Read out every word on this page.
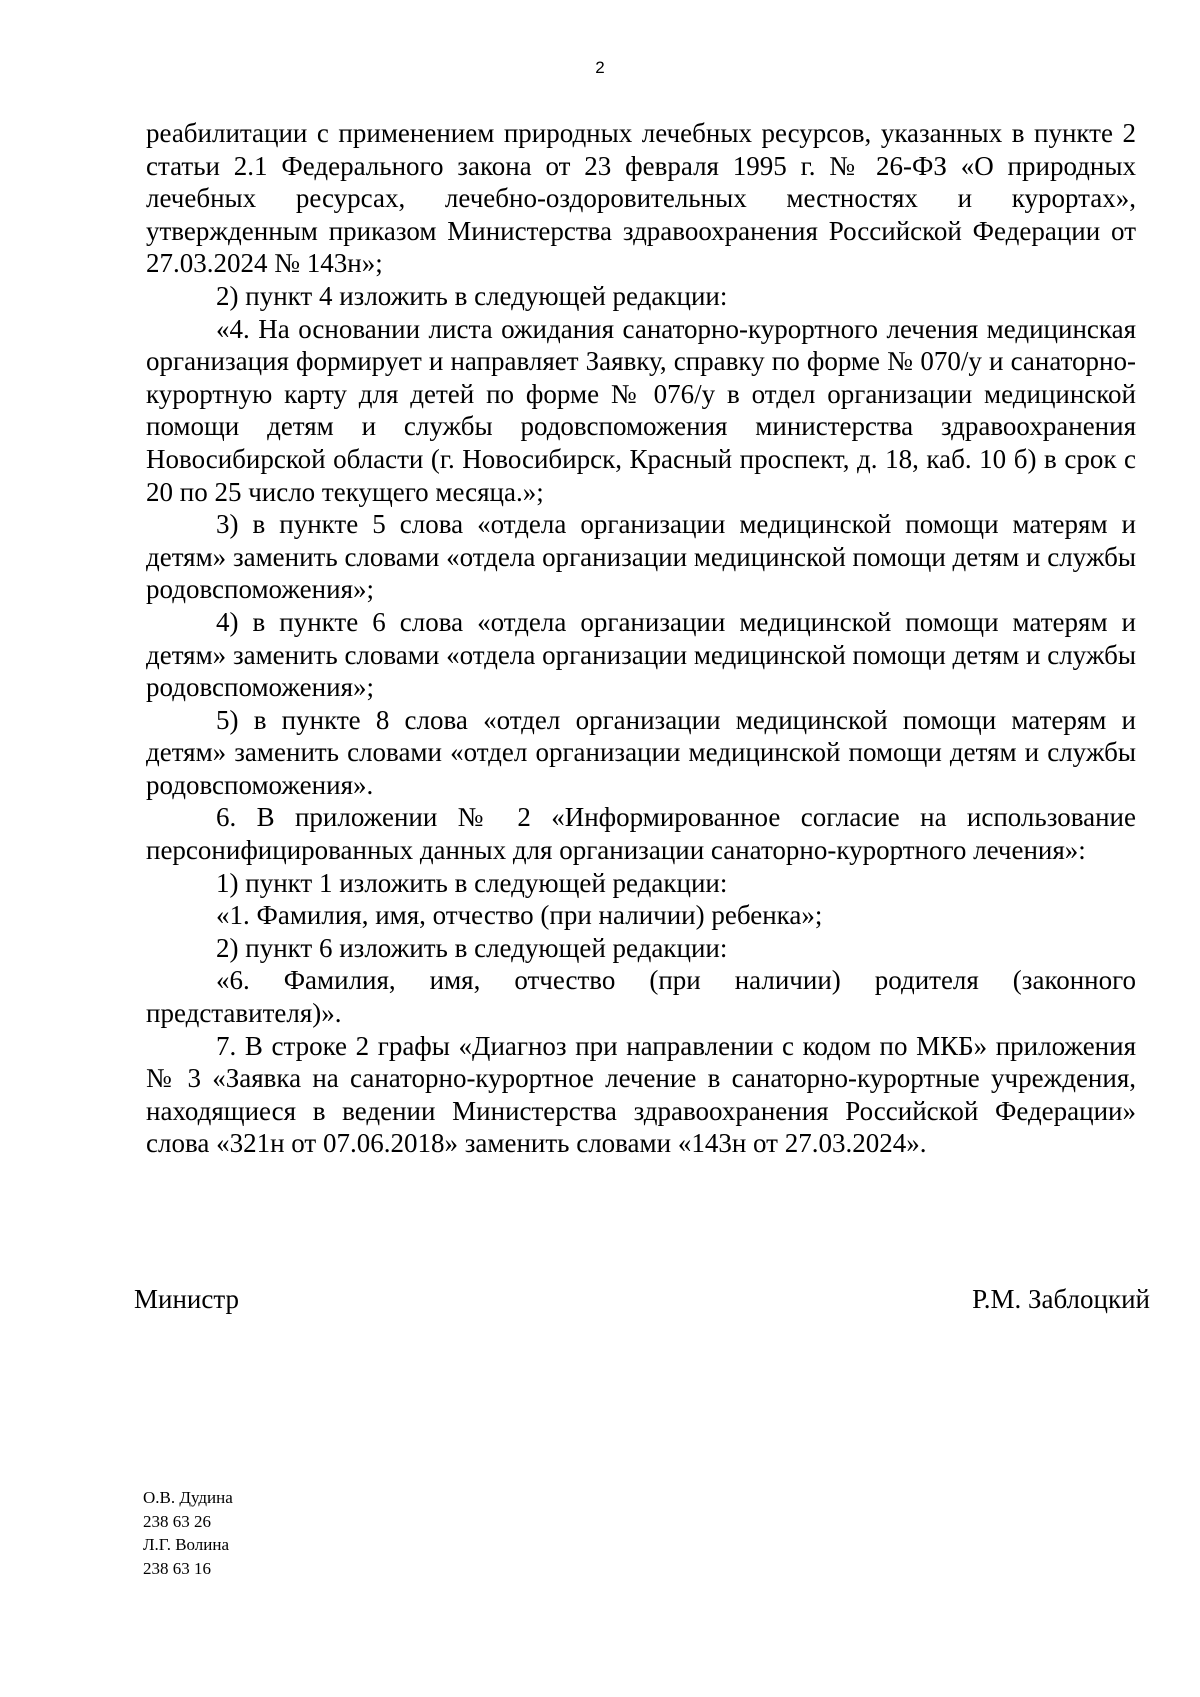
2

реабилитации с применением природных лечебных ресурсов, указанных в пункте 2 статьи 2.1 Федерального закона от 23 февраля 1995 г. № 26-ФЗ «О природных лечебных ресурсах, лечебно-оздоровительных местностях и курортах», утвержденным приказом Министерства здравоохранения Российской Федерации от 27.03.2024 № 143н»;

2) пункт 4 изложить в следующей редакции:

«4. На основании листа ожидания санаторно-курортного лечения медицинская организация формирует и направляет Заявку, справку по форме № 070/у и санаторно-курортную карту для детей по форме № 076/у в отдел организации медицинской помощи детям и службы родовспоможения министерства здравоохранения Новосибирской области (г. Новосибирск, Красный проспект, д. 18, каб. 10 б) в срок с 20 по 25 число текущего месяца.»;

3) в пункте 5 слова «отдела организации медицинской помощи матерям и детям» заменить словами «отдела организации медицинской помощи детям и службы родовспоможения»;

4) в пункте 6 слова «отдела организации медицинской помощи матерям и детям» заменить словами «отдела организации медицинской помощи детям и службы родовспоможения»;

5) в пункте 8 слова «отдел организации медицинской помощи матерям и детям» заменить словами «отдел организации медицинской помощи детям и службы родовспоможения».

6. В приложении № 2 «Информированное согласие на использование персонифицированных данных для организации санаторно-курортного лечения»:

1) пункт 1 изложить в следующей редакции:

«1. Фамилия, имя, отчество (при наличии) ребенка»;

2) пункт 6 изложить в следующей редакции:

«6. Фамилия, имя, отчество (при наличии) родителя (законного представителя)».

7. В строке 2 графы «Диагноз при направлении с кодом по МКБ» приложения № 3 «Заявка на санаторно-курортное лечение в санаторно-курортные учреждения, находящиеся в ведении Министерства здравоохранения Российской Федерации» слова «321н от 07.06.2018» заменить словами «143н от 27.03.2024».

Министр	Р.М. Заблоцкий
О.В. Дудина
238 63 26
Л.Г. Волина
238 63 16
